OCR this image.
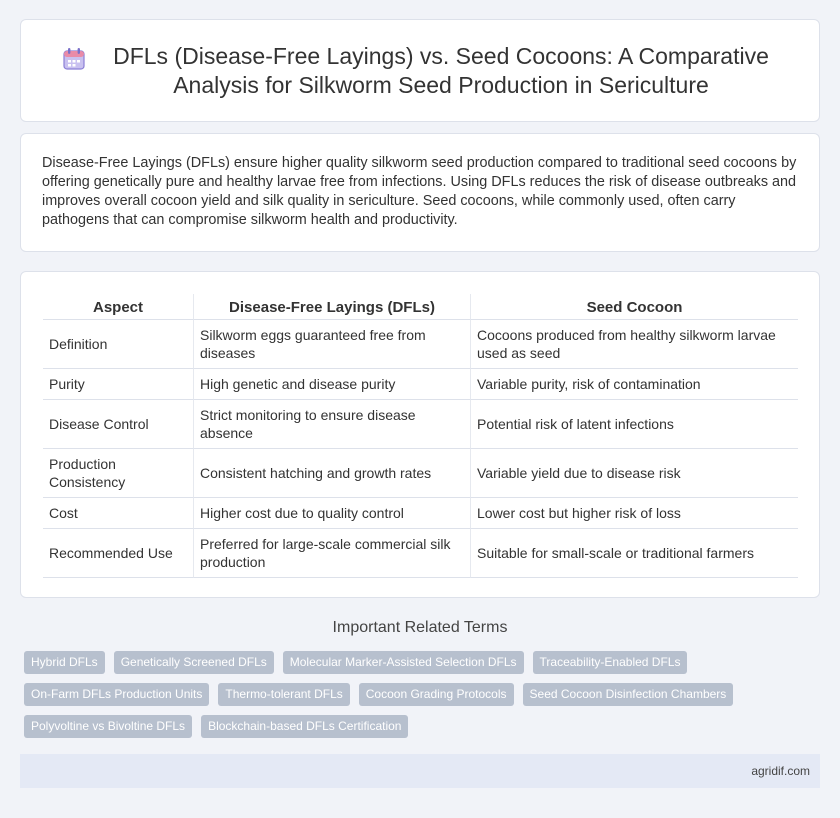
DFLs (Disease-Free Layings) vs. Seed Cocoons: A Comparative Analysis for Silkworm Seed Production in Sericulture

Disease-Free Layings (DFLs) ensure higher quality silkworm seed production compared to traditional seed cocoons by offering genetically pure and healthy larvae free from infections. Using DFLs reduces the risk of disease outbreaks and improves overall cocoon yield and silk quality in sericulture. Seed cocoons, while commonly used, often carry pathogens that can compromise silkworm health and productivity.

Aspect	Disease-Free Layings (DFLs)	Seed Cocoon
Definition	Silkworm eggs guaranteed free from diseases	Cocoons produced from healthy silkworm larvae used as seed
Purity	High genetic and disease purity	Variable purity, risk of contamination
Disease Control	Strict monitoring to ensure disease absence	Potential risk of latent infections
Production Consistency	Consistent hatching and growth rates	Variable yield due to disease risk
Cost	Higher cost due to quality control	Lower cost but higher risk of loss
Recommended Use	Preferred for large-scale commercial silk production	Suitable for small-scale or traditional farmers
Important Related Terms
Hybrid DFLs	Genetically Screened DFLs	Molecular Marker-Assisted Selection DFLs	Traceability-Enabled DFLs
On-Farm DFLs Production Units	Thermo-tolerant DFLs	Cocoon Grading Protocols	Seed Cocoon Disinfection Chambers
Polyvoltine vs Bivoltine DFLs	Blockchain-based DFLs Certification
agridif.com
